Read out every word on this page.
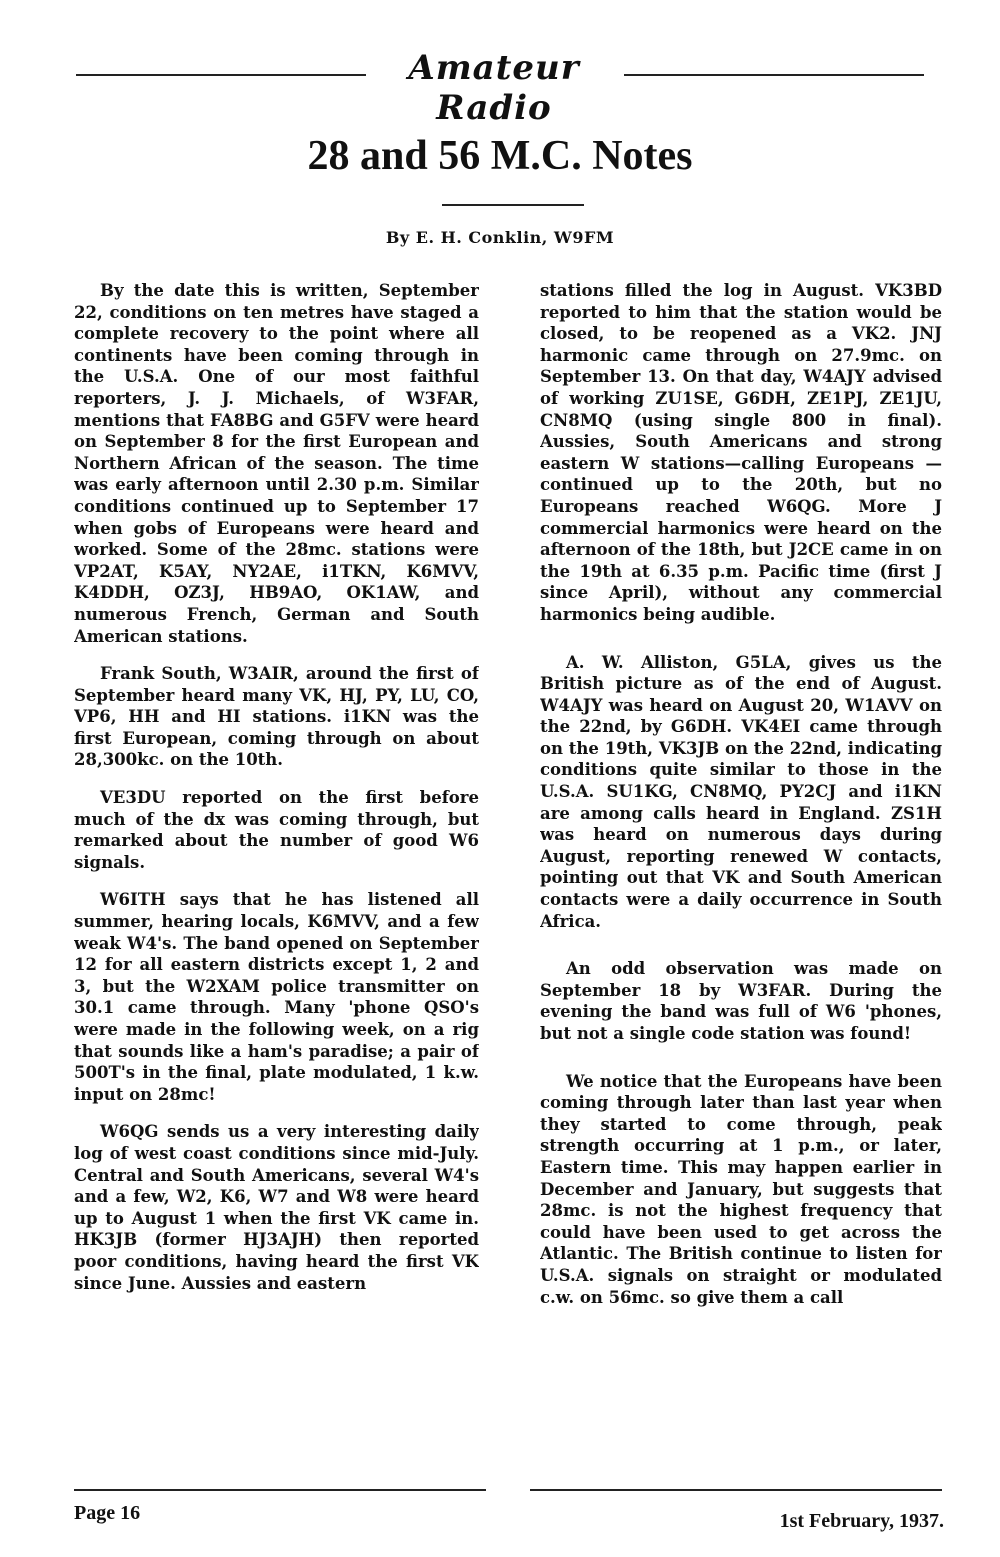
Amateur Radio
28 and 56 M.C. Notes
By E. H. Conklin, W9FM

By the date this is written, September 22, conditions on ten metres have staged a complete recovery to the point where all continents have been coming through in the U.S.A. One of our most faithful reporters, J. J. Michaels, of W3FAR, mentions that FA8BG and G5FV were heard on September 8 for the first European and Northern African of the season. The time was early afternoon until 2.30 p.m. Similar conditions continued up to September 17 when gobs of Europeans were heard and worked. Some of the 28mc. stations were VP2AT, K5AY, NY2AE, i1TKN, K6MVV, K4DDH, OZ3J, HB9AO, OK1AW, and numerous French, German and South American stations.

Frank South, W3AIR, around the first of September heard many VK, HJ, PY, LU, CO, VP6, HH and HI stations. i1KN was the first European, coming through on about 28,300kc. on the 10th.

VE3DU reported on the first before much of the dx was coming through, but remarked about the number of good W6 signals.

W6ITH says that he has listened all summer, hearing locals, K6MVV, and a few weak W4's. The band opened on September 12 for all eastern districts except 1, 2 and 3, but the W2XAM police transmitter on 30.1 came through. Many 'phone QSO's were made in the following week, on a rig that sounds like a ham's paradise; a pair of 500T's in the final, plate modulated, 1 k.w. input on 28mc!

W6QG sends us a very interesting daily log of west coast conditions since mid-July. Central and South Americans, several W4's and a few, W2, K6, W7 and W8 were heard up to August 1 when the first VK came in. HK3JB (former HJ3AJH) then reported poor conditions, having heard the first VK since June. Aussies and eastern

stations filled the log in August. VK3BD reported to him that the station would be closed, to be reopened as a VK2. JNJ harmonic came through on 27.9mc. on September 13. On that day, W4AJY advised of working ZU1SE, G6DH, ZE1PJ, ZE1JU, CN8MQ (using single 800 in final). Aussies, South Americans and strong eastern W stations—calling Europeans — continued up to the 20th, but no Europeans reached W6QG. More J commercial harmonics were heard on the afternoon of the 18th, but J2CE came in on the 19th at 6.35 p.m. Pacific time (first J since April), without any commercial harmonics being audible.

A. W. Alliston, G5LA, gives us the British picture as of the end of August. W4AJY was heard on August 20, W1AVV on the 22nd, by G6DH. VK4EI came through on the 19th, VK3JB on the 22nd, indicating conditions quite similar to those in the U.S.A. SU1KG, CN8MQ, PY2CJ and i1KN are among calls heard in England. ZS1H was heard on numerous days during August, reporting renewed W contacts, pointing out that VK and South American contacts were a daily occurrence in South Africa.

An odd observation was made on September 18 by W3FAR. During the evening the band was full of W6 'phones, but not a single code station was found!

We notice that the Europeans have been coming through later than last year when they started to come through, peak strength occurring at 1 p.m., or later, Eastern time. This may happen earlier in December and January, but suggests that 28mc. is not the highest frequency that could have been used to get across the Atlantic. The British continue to listen for U.S.A. signals on straight or modulated c.w. on 56mc. so give them a call

Page 16	1st February, 1937.
